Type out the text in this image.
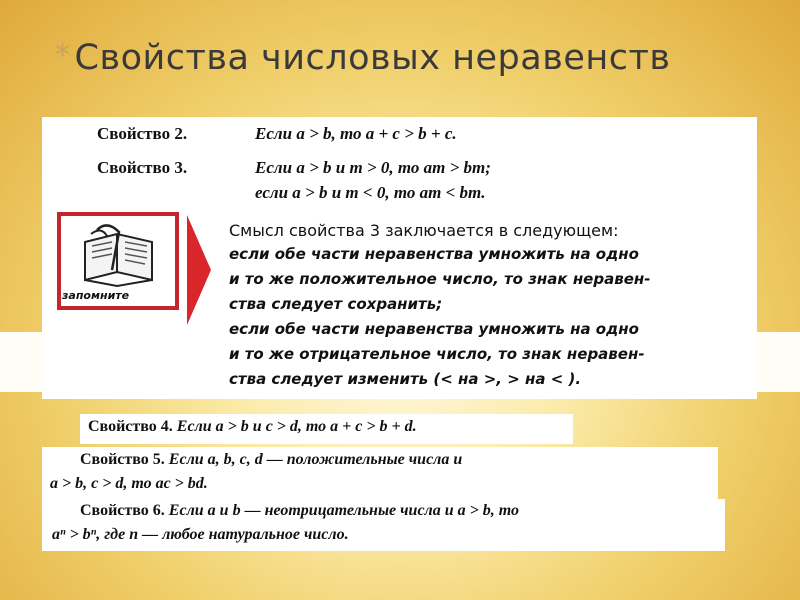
* Свойства числовых неравенств
Свойство 2.	Если a > b, то a + c > b + c.
Свойство 3.	Если a > b и m > 0, то am > bm;
если a > b и m < 0, то am < bm.
запомните
Смысл свойства 3 заключается в следующем:
если обе части неравенства умножить на одно
и то же положительное число, то знак неравен-
ства следует сохранить;
если обе части неравенства умножить на одно
и то же отрицательное число, то знак неравен-
ства следует изменить (< на >, > на < ).
Свойство 4. Если a > b и c > d, то a + c > b + d.
Свойство 5. Если a, b, c, d — положительные числа и
a > b, c > d, то ac > bd.
Свойство 6. Если a и b — неотрицательные числа и a > b, то
aⁿ > bⁿ, где n — любое натуральное число.
